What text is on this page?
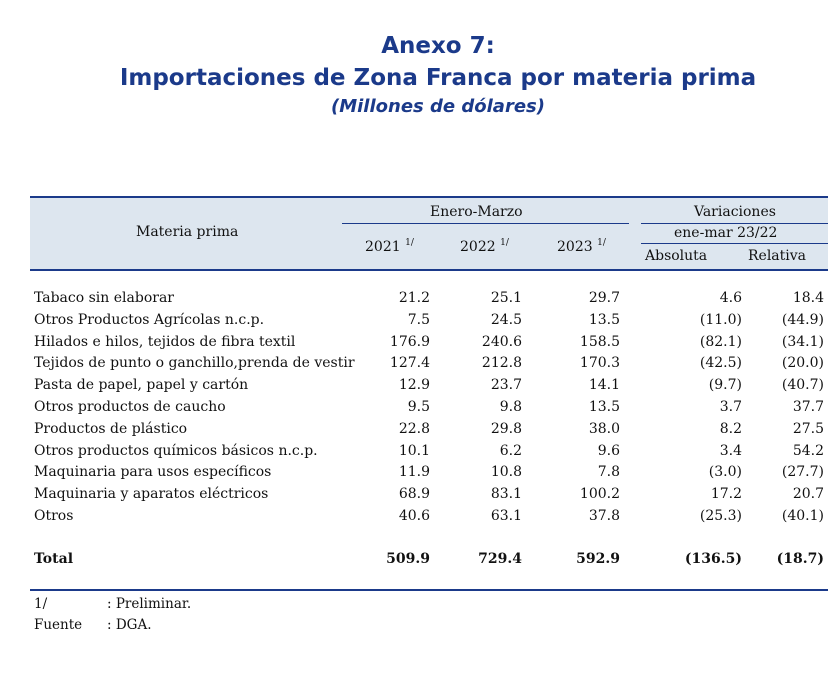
Anexo 7:
Importaciones de Zona Franca por materia prima
(Millones de dólares)
Materia prima
Enero-Marzo	Variaciones
ene-mar 23/22
2021 $^{1/}$	2022 $^{1/}$	2023 $^{1/}$
Absoluta	Relativa
Tabaco sin elaborar	21.2	25.1	29.7	4.6	18.4
Otros Productos Agrícolas n.c.p.	7.5	24.5	13.5	(11.0)	(44.9)
Hilados e hilos, tejidos de fibra textil	176.9	240.6	158.5	(82.1)	(34.1)
Tejidos de punto o ganchillo,prenda de vestir	127.4	212.8	170.3	(42.5)	(20.0)
Pasta de papel, papel y cartón	12.9	23.7	14.1	(9.7)	(40.7)
Otros productos de caucho	9.5	9.8	13.5	3.7	37.7
Productos de plástico	22.8	29.8	38.0	8.2	27.5
Otros productos químicos básicos n.c.p.	10.1	6.2	9.6	3.4	54.2
Maquinaria para usos específicos	11.9	10.8	7.8	(3.0)	(27.7)
Maquinaria y aparatos eléctricos	68.9	83.1	100.2	17.2	20.7
Otros	40.6	63.1	37.8	(25.3)	(40.1)
Total	509.9	729.4	592.9	(136.5) (18.7)
1/	: Preliminar.
Fuente : DGA.
